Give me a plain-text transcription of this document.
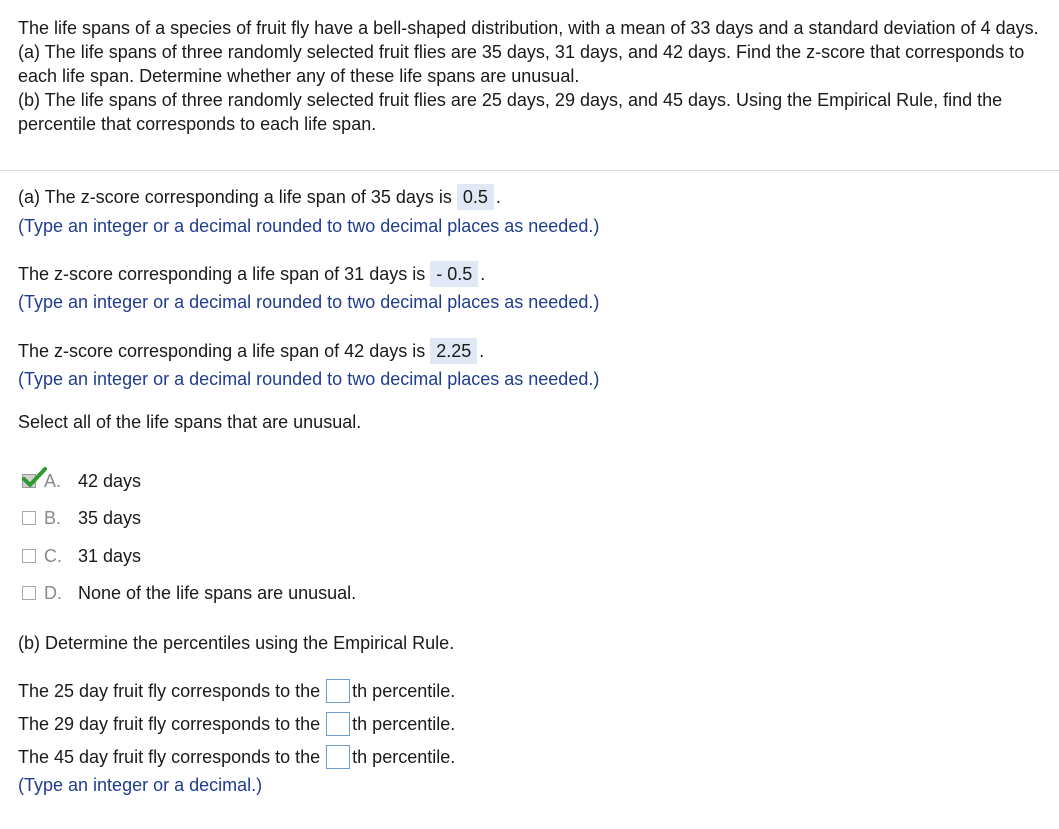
The life spans of a species of fruit fly have a bell-shaped distribution, with a mean of 33 days and a standard deviation of 4 days.

(a) The life spans of three randomly selected fruit flies are 35 days, 31 days, and 42 days. Find the z-score that corresponds to each life span. Determine whether any of these life spans are unusual.

(b) The life spans of three randomly selected fruit flies are 25 days, 29 days, and 45 days. Using the Empirical Rule, find the percentile that corresponds to each life span.

(a) The z-score corresponding a life span of 35 days is 0.5 .
(Type an integer or a decimal rounded to two decimal places as needed.)
The z-score corresponding a life span of 31 days is - 0.5 .
(Type an integer or a decimal rounded to two decimal places as needed.)
The z-score corresponding a life span of 42 days is 2.25 .
(Type an integer or a decimal rounded to two decimal places as needed.)
Select all of the life spans that are unusual.
A. 42 days
B. 35 days
C. 31 days
D. None of the life spans are unusual.
(b) Determine the percentiles using the Empirical Rule.
The 25 day fruit fly corresponds to the th percentile.
The 29 day fruit fly corresponds to the th percentile.
The 45 day fruit fly corresponds to the th percentile.
(Type an integer or a decimal.)
